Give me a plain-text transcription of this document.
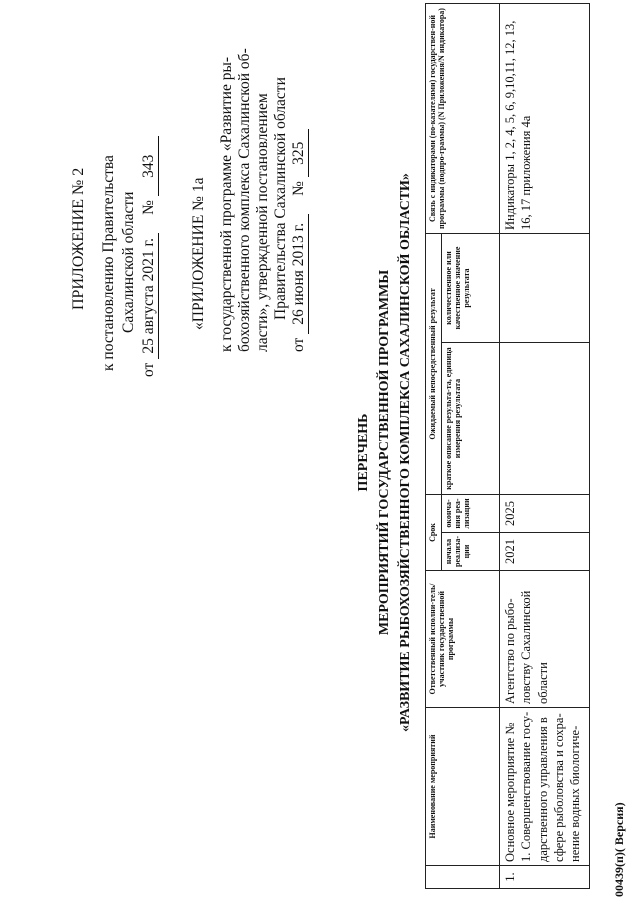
ПРИЛОЖЕНИЕ № 2 к постановлению Правительства Сахалинской области
от 25 августа 2021 г. № 343
«ПРИЛОЖЕНИЕ № 1а к государственной программе «Развитие ры- бохозяйственного комплекса Сахалинской об- ласти», утвержденной постановлением Правительства Сахалинской области
от 26 июня 2013 г. № 325
ПЕРЕЧЕНЬ МЕРОПРИЯТИЙ ГОСУДАРСТВЕННОЙ ПРОГРАММЫ «РАЗВИТИЕ РЫБОХОЗЯЙСТВЕННОГО КОМПЛЕКСА САХАЛИНСКОЙ ОБЛАСТИ»
	Наименование мероприятий	Ответственный исполни-тель/ участник государственной программы	Срок		Ожидаемый непосредственный результат		Связь с индикаторами (по-казателями) государствен-ной программы (подпро-граммы) (N Приложения/N индикатора)
			начала реализа-ции	оконча-ния реа-лизации	краткое описание результа-та, единица измерения результата	количественное или качественное значение результата	
1.	Основное мероприятие № 1. Совершенствование госу-дарственного управления в сфере рыболовства и сохра-нение водных биологиче-	Агентство по рыбо-ловству Сахалинской области	2021	2025			Индикаторы 1, 2, 4, 5, 6, 9,10,11, 12, 13, 16, 17 приложения 4а
00439(п)( Версия)
